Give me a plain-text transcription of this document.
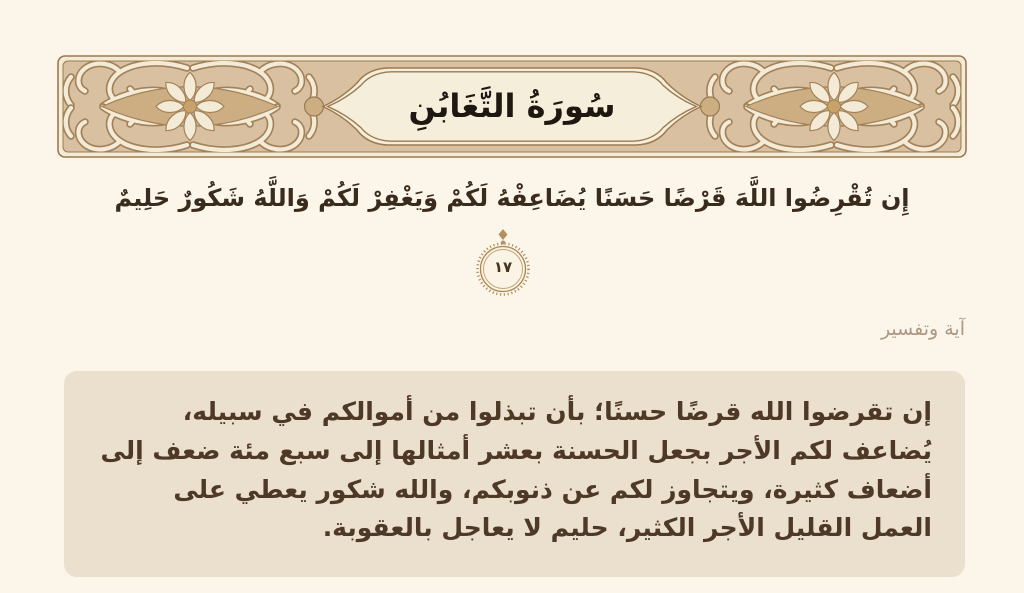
سُورَةُ التَّغَابُنِ
إِن تُقْرِضُوا اللَّهَ قَرْضًا حَسَنًا يُضَاعِفْهُ لَكُمْ وَيَغْفِرْ لَكُمْ وَاللَّهُ شَكُورٌ حَلِيمٌ
١٧
آية وتفسير
إن تقرضوا الله قرضًا حسنًا؛ بأن تبذلوا من أموالكم في سبيله، يُضاعف لكم الأجر بجعل الحسنة بعشر أمثالها إلى سبع مئة ضعف إلى أضعاف كثيرة، ويتجاوز لكم عن ذنوبكم، والله شكور يعطي على العمل القليل الأجر الكثير، حليم لا يعاجل بالعقوبة.
